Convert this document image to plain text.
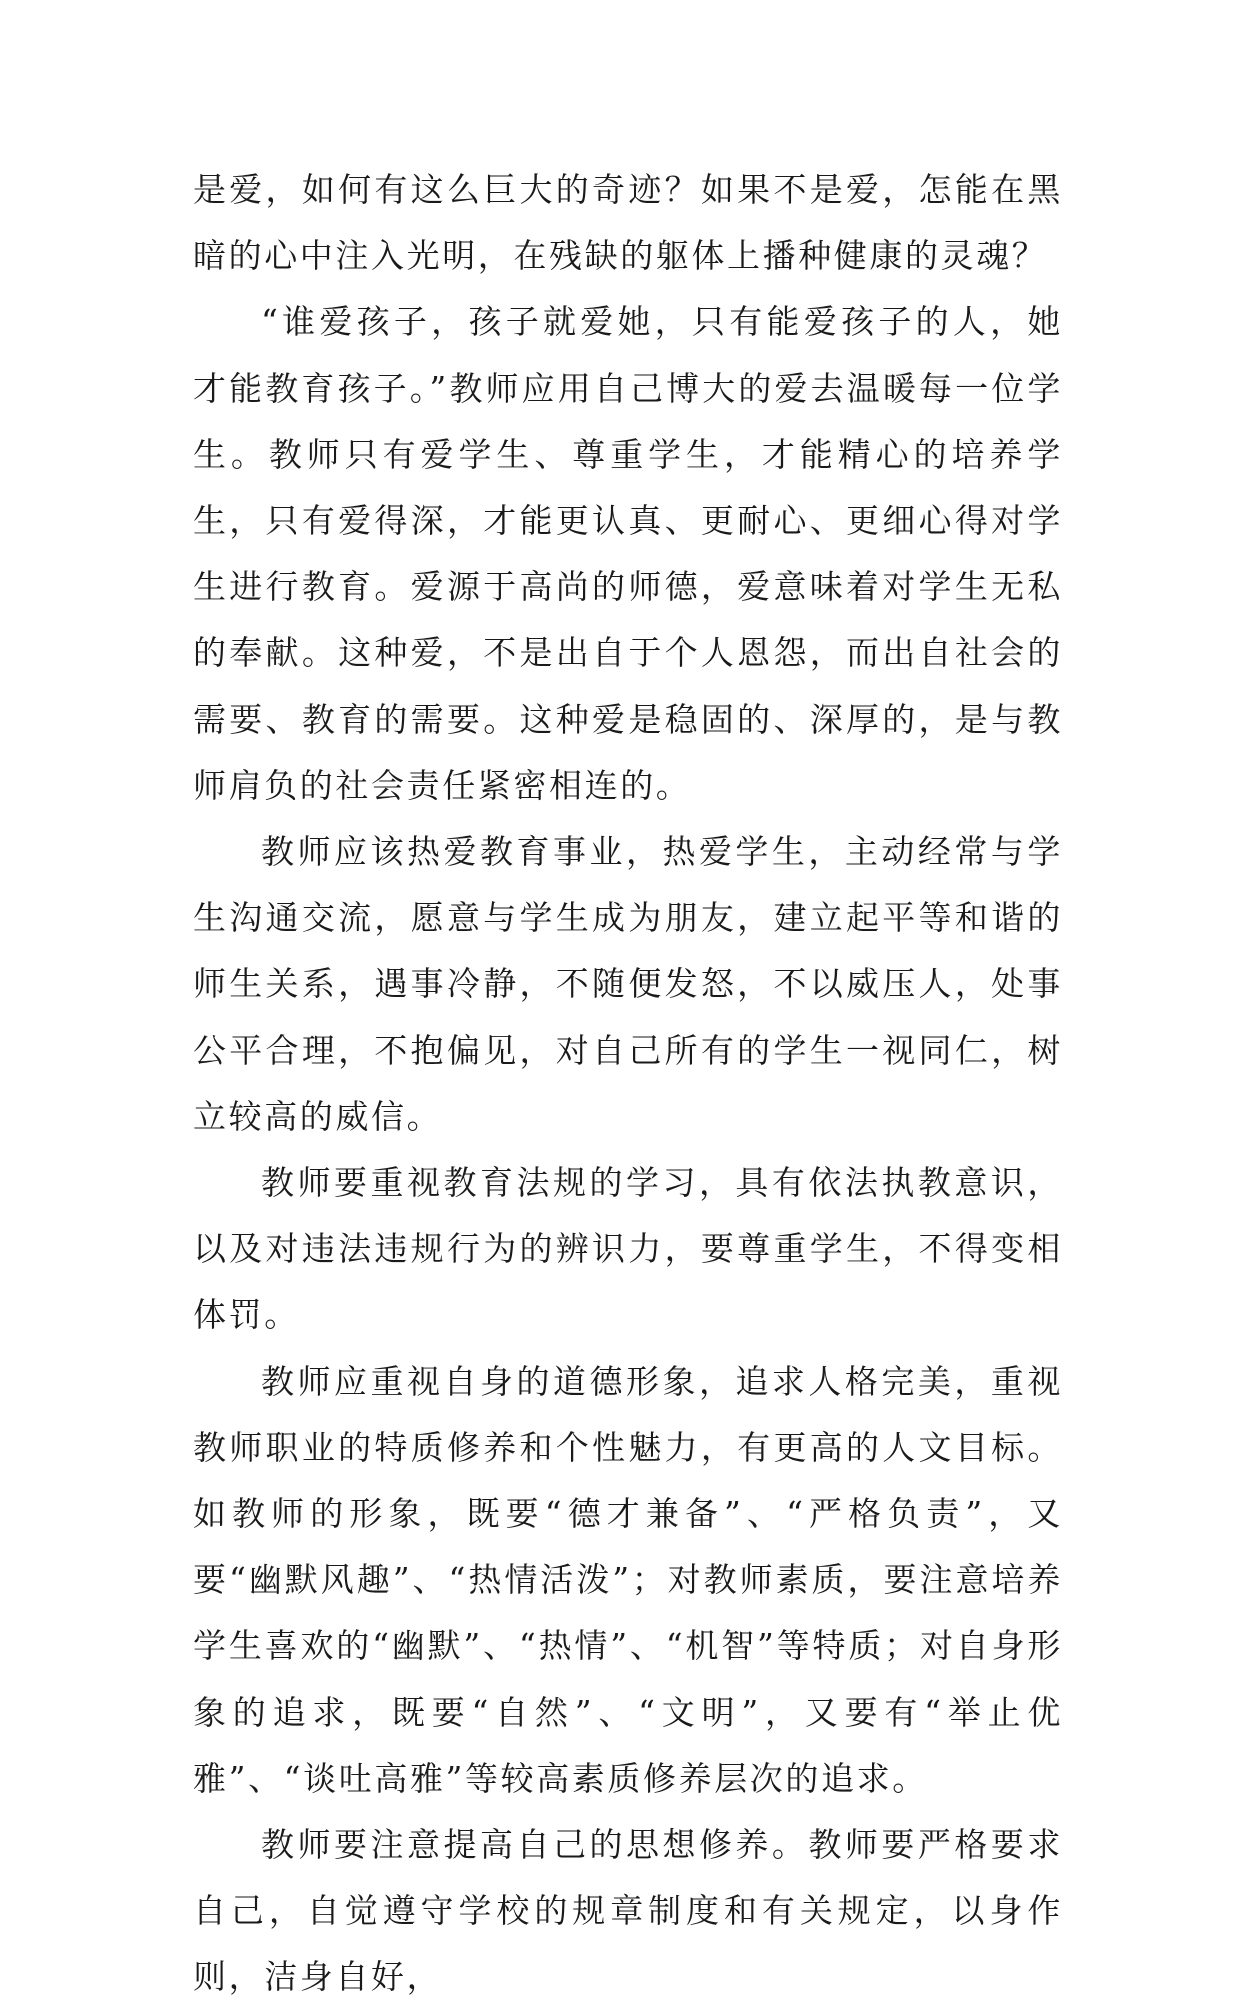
是爱，如何有这么巨大的奇迹？如果不是爱，怎能在黑暗的心中注入光明，在残缺的躯体上播种健康的灵魂？

“谁爱孩子，孩子就爱她，只有能爱孩子的人，她才能教育孩子。”教师应用自己博大的爱去温暖每一位学生。教师只有爱学生、尊重学生，才能精心的培养学生，只有爱得深，才能更认真、更耐心、更细心得对学生进行教育。爱源于高尚的师德，爱意味着对学生无私的奉献。这种爱，不是出自于个人恩怨，而出自社会的需要、教育的需要。这种爱是稳固的、深厚的，是与教师肩负的社会责任紧密相连的。

教师应该热爱教育事业，热爱学生，主动经常与学生沟通交流，愿意与学生成为朋友，建立起平等和谐的师生关系，遇事冷静，不随便发怒，不以威压人，处事公平合理，不抱偏见，对自己所有的学生一视同仁，树立较高的威信。

教师要重视教育法规的学习，具有依法执教意识，以及对违法违规行为的辨识力，要尊重学生，不得变相体罚。

教师应重视自身的道德形象，追求人格完美，重视教师职业的特质修养和个性魅力，有更高的人文目标。如教师的形象，既要“德才兼备”、“严格负责”，又要“幽默风趣”、“热情活泼”；对教师素质，要注意培养学生喜欢的“幽默”、“热情”、“机智”等特质；对自身形象的追求，既要“自然”、“文明”，又要有“举止优雅”、“谈吐高雅”等较高素质修养层次的追求。

教师要注意提高自己的思想修养。教师要严格要求自己，自觉遵守学校的规章制度和有关规定，以身作则，洁身自好，
